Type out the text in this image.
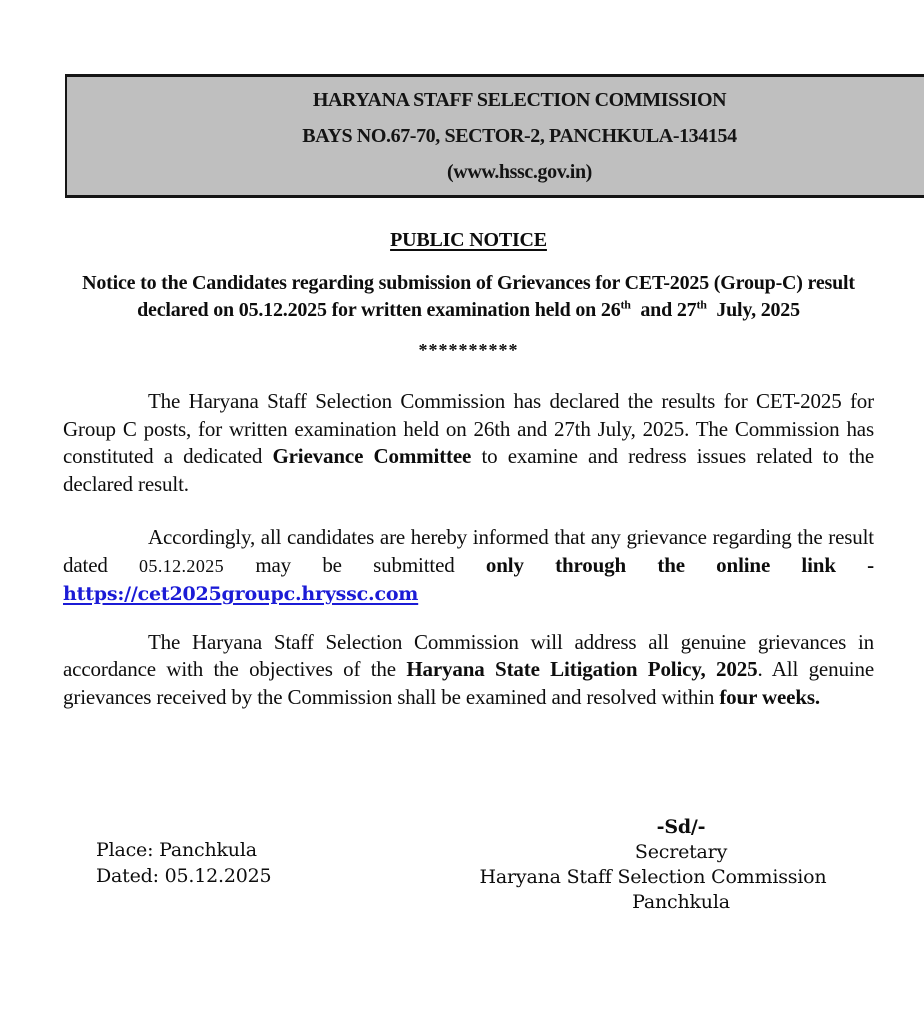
HARYANA STAFF SELECTION COMMISSION
BAYS NO.67-70, SECTOR-2, PANCHKULA-134154
(www.hssc.gov.in)
PUBLIC NOTICE
Notice to the Candidates regarding submission of Grievances for CET-2025 (Group-C) result declared on 05.12.2025 for written examination held on 26th  and 27th  July, 2025
**********

The Haryana Staff Selection Commission has declared the results for CET-2025 for Group C posts, for written examination held on 26th and 27th July, 2025. The Commission has constituted a dedicated Grievance Committee to examine and redress issues related to the declared result.

Accordingly, all candidates are hereby informed that any grievance regarding the result dated 05.12.2025 may be submitted only through the online link - https://cet2025groupc.hryssc.com

The Haryana Staff Selection Commission will address all genuine grievances in accordance with the objectives of the Haryana State Litigation Policy, 2025. All genuine grievances received by the Commission shall be examined and resolved within four weeks.

Place: Panchkula
Dated: 05.12.2025
-Sd/-
Secretary
Haryana Staff Selection Commission
Panchkula
